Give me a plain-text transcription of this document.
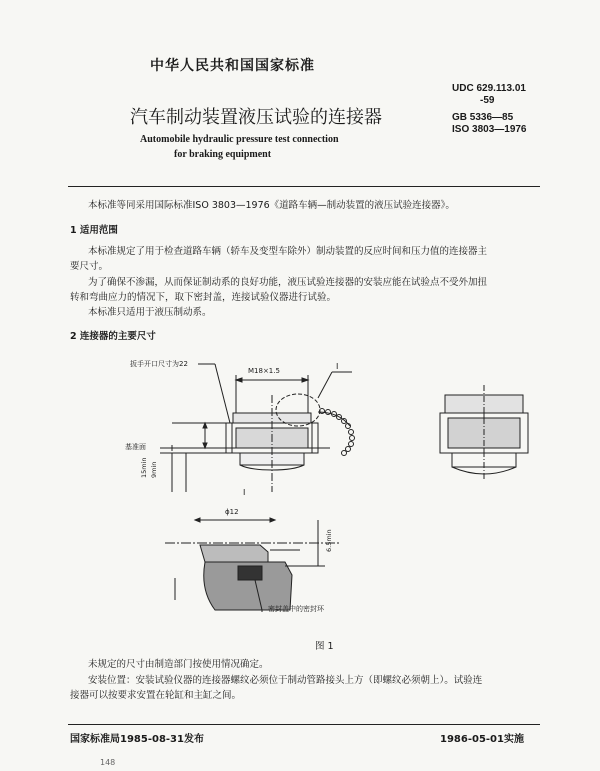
中华人民共和国国家标准
UDC 629.113.01
-59
汽车制动装置液压试验的连接器	GB 5336—85
ISO 3803—1976
Automobile hydraulic pressure test connection
for braking equipment
本标准等同采用国际标准ISO 3803—1976《道路车辆—制动装置的液压试验连接器》。
1 适用范围
本标准规定了用于检查道路车辆（轿车及变型车除外）制动装置的反应时间和压力值的连接器主
要尺寸。
为了确保不渗漏，从而保证制动系的良好功能，液压试验连接器的安装应能在试验点不受外加扭
转和弯曲应力的情况下，取下密封盖，连接试验仪器进行试验。
本标准只适用于液压制动系。
2 连接器的主要尺寸
扳手开口尺寸为22
M18×1.5	I
基准面
15min 9min
I
ϕ12
6.5min
密封盖中的密封环
图 1
未规定的尺寸由制造部门按使用情况确定。
安装位置：安装试验仪器的连接器螺纹必须位于制动管路接头上方（即螺纹必须朝上）。试验连
接器可以按要求安置在轮缸和主缸之间。
国家标准局1985-08-31发布	1986-05-01实施
148
